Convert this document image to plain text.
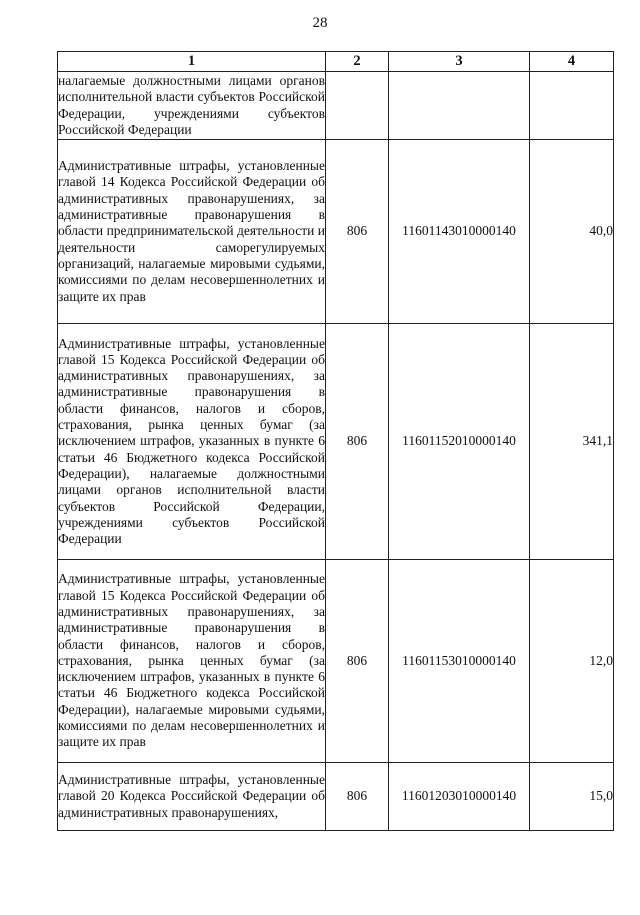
28
1	2	3	4
налагаемые должностными лицами органов исполнительной власти субъектов Российской Федерации, учреждениями субъектов Российской Федерации			
Административные штрафы, установленные главой 14 Кодекса Российской Федерации об административных правонарушениях, за административные правонарушения в области предпринимательской деятельности и деятельности саморегулируемых организаций, налагаемые мировыми судьями, комиссиями по делам несовершеннолетних и защите их прав	806	11601143010000140	40,0
Административные штрафы, установленные главой 15 Кодекса Российской Федерации об административных правонарушениях, за административные правонарушения в области финансов, налогов и сборов, страхования, рынка ценных бумаг (за исключением штрафов, указанных в пункте 6 статьи 46 Бюджетного кодекса Российской Федерации), налагаемые должностными лицами органов исполнительной власти субъектов Российской Федерации, учреждениями субъектов Российской Федерации	806	11601152010000140	341,1
Административные штрафы, установленные главой 15 Кодекса Российской Федерации об административных правонарушениях, за административные правонарушения в области финансов, налогов и сборов, страхования, рынка ценных бумаг (за исключением штрафов, указанных в пункте 6 статьи 46 Бюджетного кодекса Российской Федерации), налагаемые мировыми судьями, комиссиями по делам несовершеннолетних и защите их прав	806	11601153010000140	12,0
Административные штрафы, установленные главой 20 Кодекса Российской Федерации об административных правонарушениях,	806	11601203010000140	15,0
